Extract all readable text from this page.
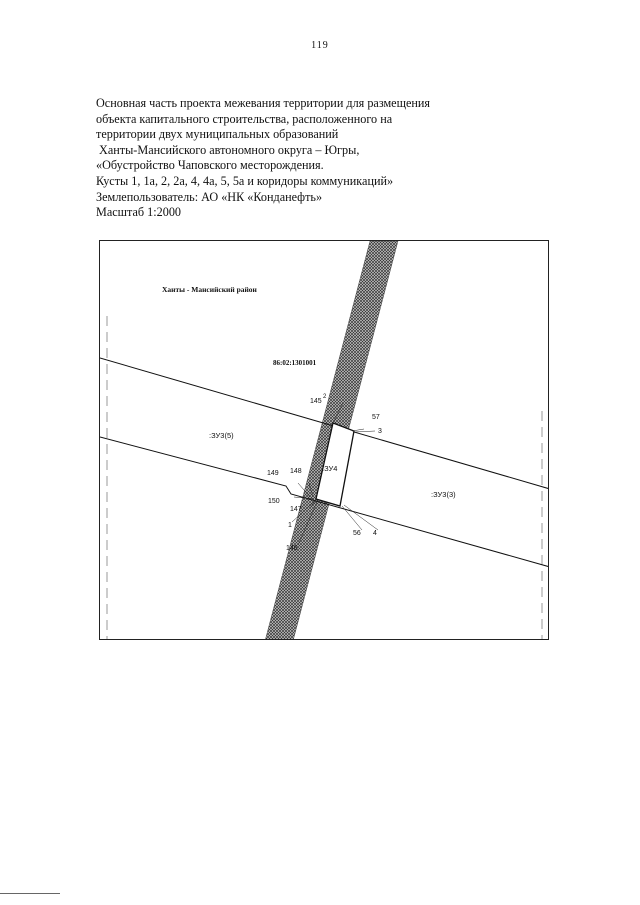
119
Основная часть проекта межевания территории для размещения
объекта капитального строительства, расположенного на
территории двух муниципальных образований
Ханты-Мансийского автономного округа – Югры,
«Обустройство Чаповского месторождения.
Кусты 1, 1а, 2, 2а, 4, 4а, 5, 5а и коридоры коммуникаций»
Землепользователь: АО «НК «Конданефть»
Масштаб 1:2000
Ханты - Мансийский район
86:02:1301001
:ЗУ3(5)
:ЗУ3(3)
:ЗУ4
145
2
57
3
149 148
150
147
1
146
56 4
